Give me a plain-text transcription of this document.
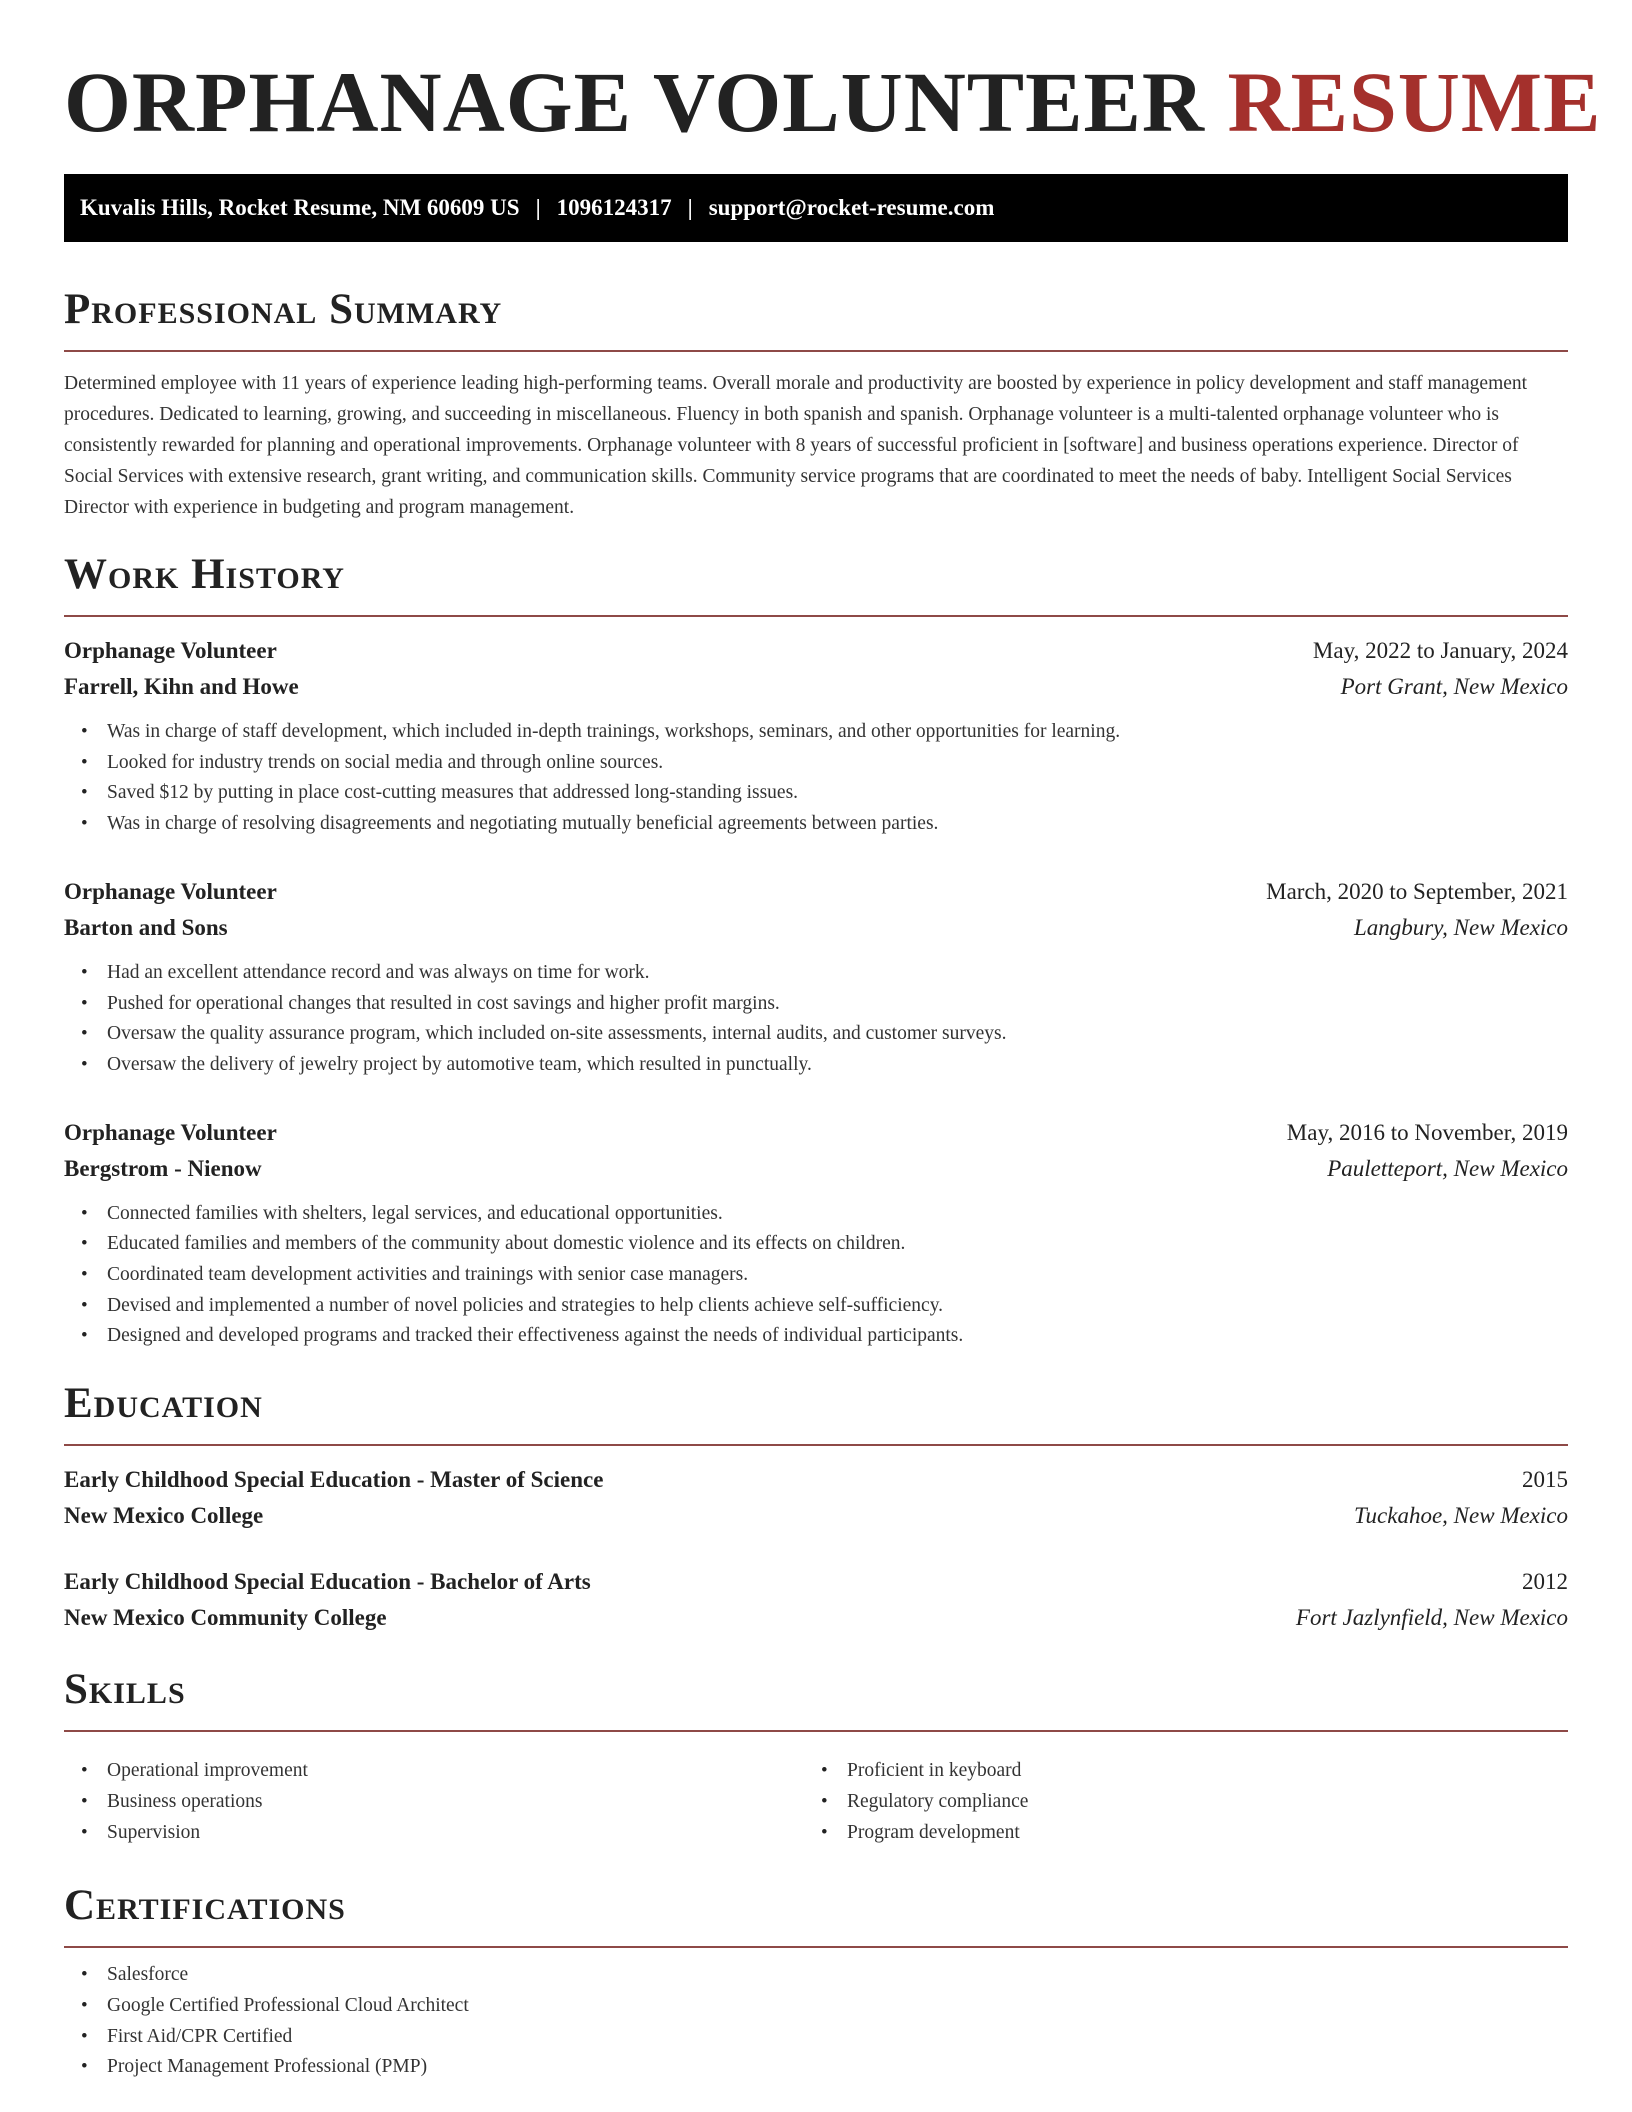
ORPHANAGE VOLUNTEER RESUME
Kuvalis Hills, Rocket Resume, NM 60609 US | 1096124317 | support@rocket-resume.com
Professional Summary

Determined employee with 11 years of experience leading high-performing teams. Overall morale and productivity are boosted by experience in policy development and staff management procedures. Dedicated to learning, growing, and succeeding in miscellaneous. Fluency in both spanish and spanish. Orphanage volunteer is a multi-talented orphanage volunteer who is consistently rewarded for planning and operational improvements. Orphanage volunteer with 8 years of successful proficient in [software] and business operations experience. Director of Social Services with extensive research, grant writing, and communication skills. Community service programs that are coordinated to meet the needs of baby. Intelligent Social Services Director with experience in budgeting and program management.

Work History
Orphanage Volunteer	May, 2022 to January, 2024
Farrell, Kihn and Howe	Port Grant, New Mexico
• Was in charge of staff development, which included in-depth trainings, workshops, seminars, and other opportunities for learning.
• Looked for industry trends on social media and through online sources.
• Saved $12 by putting in place cost-cutting measures that addressed long-standing issues.
• Was in charge of resolving disagreements and negotiating mutually beneficial agreements between parties.
Orphanage Volunteer	March, 2020 to September, 2021
Barton and Sons	Langbury, New Mexico
• Had an excellent attendance record and was always on time for work.
• Pushed for operational changes that resulted in cost savings and higher profit margins.
• Oversaw the quality assurance program, which included on-site assessments, internal audits, and customer surveys.
• Oversaw the delivery of jewelry project by automotive team, which resulted in punctually.
Orphanage Volunteer	May, 2016 to November, 2019
Bergstrom - Nienow	Pauletteport, New Mexico
• Connected families with shelters, legal services, and educational opportunities.
• Educated families and members of the community about domestic violence and its effects on children.
• Coordinated team development activities and trainings with senior case managers.
• Devised and implemented a number of novel policies and strategies to help clients achieve self-sufficiency.
• Designed and developed programs and tracked their effectiveness against the needs of individual participants.
Education
Early Childhood Special Education - Master of Science	2015
New Mexico College	Tuckahoe, New Mexico
Early Childhood Special Education - Bachelor of Arts	2012
New Mexico Community College	Fort Jazlynfield, New Mexico
Skills
• Operational improvement
• Business operations
• Supervision
• Proficient in keyboard
• Regulatory compliance
• Program development
Certifications
• Salesforce
• Google Certified Professional Cloud Architect
• First Aid/CPR Certified
• Project Management Professional (PMP)
